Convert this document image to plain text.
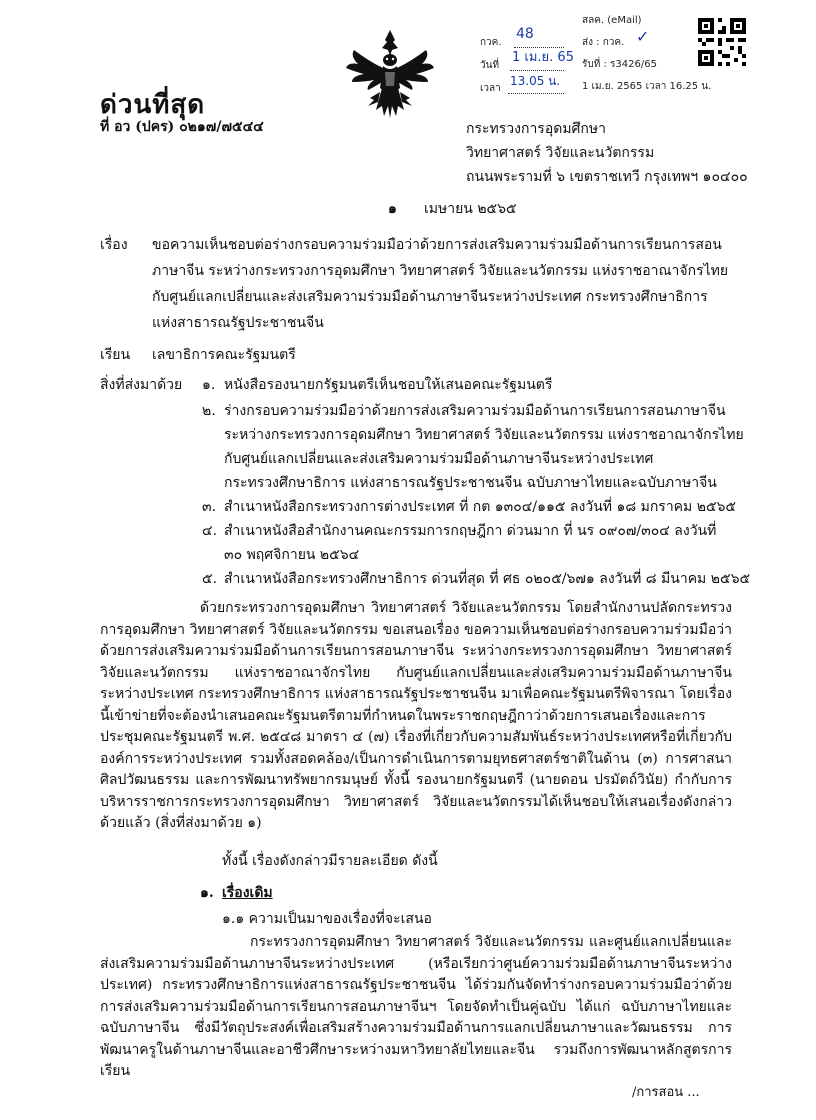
กวค.
48
วันที่
1 เม.ย. 65
เวลา
13.05 น.
สลค. (eMail)
ส่ง : กวค. ✓
รับที่ : ร3426/65
1 เม.ย. 2565 เวลา 16.25 น.
ด่วนที่สุด
ที่ อว (ปคร) ๐๒๑๗/๗๕๔๔	กระทรวงการอุดมศึกษา
วิทยาศาสตร์ วิจัยและนวัตกรรม
ถนนพระรามที่ ๖ เขตราชเทวี กรุงเทพฯ ๑๐๔๐๐
๑ เมษายน ๒๕๖๕
เรื่อง ขอความเห็นชอบต่อร่างกรอบความร่วมมือว่าด้วยการส่งเสริมความร่วมมือด้านการเรียนการสอน
ภาษาจีน ระหว่างกระทรวงการอุดมศึกษา วิทยาศาสตร์ วิจัยและนวัตกรรม แห่งราชอาณาจักรไทย
กับศูนย์แลกเปลี่ยนและส่งเสริมความร่วมมือด้านภาษาจีนระหว่างประเทศ กระทรวงศึกษาธิการ
แห่งสาธารณรัฐประชาชนจีน
เรียน เลขาธิการคณะรัฐมนตรี
สิ่งที่ส่งมาด้วย ๑. หนังสือรองนายกรัฐมนตรีเห็นชอบให้เสนอคณะรัฐมนตรี
๒. ร่างกรอบความร่วมมือว่าด้วยการส่งเสริมความร่วมมือด้านการเรียนการสอนภาษาจีน
ระหว่างกระทรวงการอุดมศึกษา วิทยาศาสตร์ วิจัยและนวัตกรรม แห่งราชอาณาจักรไทย
กับศูนย์แลกเปลี่ยนและส่งเสริมความร่วมมือด้านภาษาจีนระหว่างประเทศ
กระทรวงศึกษาธิการ แห่งสาธารณรัฐประชาชนจีน ฉบับภาษาไทยและฉบับภาษาจีน
๓. สำเนาหนังสือกระทรวงการต่างประเทศ ที่ กต ๑๓๐๔/๑๑๕ ลงวันที่ ๑๘ มกราคม ๒๕๖๕
๔. สำเนาหนังสือสำนักงานคณะกรรมการกฤษฎีกา ด่วนมาก ที่ นร ๐๙๐๗/๓๐๔ ลงวันที่
๓๐ พฤศจิกายน ๒๕๖๔
๕. สำเนาหนังสือกระทรวงศึกษาธิการ ด่วนที่สุด ที่ ศธ ๐๒๐๕/๖๗๑ ลงวันที่ ๘ มีนาคม ๒๕๖๕
ด้วยกระทรวงการอุดมศึกษา วิทยาศาสตร์ วิจัยและนวัตกรรม โดยสำนักงานปลัดกระทรวงการอุดมศึกษา วิทยาศาสตร์ วิจัยและนวัตกรรม ขอเสนอเรื่อง ขอความเห็นชอบต่อร่างกรอบความร่วมมือว่าด้วยการส่งเสริมความร่วมมือด้านการเรียนการสอนภาษาจีน ระหว่างกระทรวงการอุดมศึกษา วิทยาศาสตร์ วิจัยและนวัตกรรม แห่งราชอาณาจักรไทย กับศูนย์แลกเปลี่ยนและส่งเสริมความร่วมมือด้านภาษาจีนระหว่างประเทศ กระทรวงศึกษาธิการ แห่งสาธารณรัฐประชาชนจีน มาเพื่อคณะรัฐมนตรีพิจารณา โดยเรื่องนี้เข้าข่ายที่จะต้องนำเสนอคณะรัฐมนตรีตามที่กำหนดในพระราชกฤษฎีกาว่าด้วยการเสนอเรื่องและการประชุมคณะรัฐมนตรี พ.ศ. ๒๕๔๘ มาตรา ๔ (๗) เรื่องที่เกี่ยวกับความสัมพันธ์ระหว่างประเทศหรือที่เกี่ยวกับองค์การระหว่างประเทศ รวมทั้งสอดคล้อง/เป็นการดำเนินการตามยุทธศาสตร์ชาติในด้าน (๓) การศาสนา ศิลปวัฒนธรรม และการพัฒนาทรัพยากรมนุษย์ ทั้งนี้ รองนายกรัฐมนตรี (นายดอน ปรมัตถ์วินัย) กำกับการบริหารราชการกระทรวงการอุดมศึกษา วิทยาศาสตร์ วิจัยและนวัตกรรมได้เห็นชอบให้เสนอเรื่องดังกล่าวด้วยแล้ว (สิ่งที่ส่งมาด้วย ๑)
ทั้งนี้ เรื่องดังกล่าวมีรายละเอียด ดังนี้
๑. เรื่องเดิม
๑.๑ ความเป็นมาของเรื่องที่จะเสนอ
กระทรวงการอุดมศึกษา วิทยาศาสตร์ วิจัยและนวัตกรรม และศูนย์แลกเปลี่ยนและส่งเสริมความร่วมมือด้านภาษาจีนระหว่างประเทศ (หรือเรียกว่าศูนย์ความร่วมมือด้านภาษาจีนระหว่างประเทศ) กระทรวงศึกษาธิการแห่งสาธารณรัฐประชาชนจีน ได้ร่วมกันจัดทำร่างกรอบความร่วมมือว่าด้วยการส่งเสริมความร่วมมือด้านการเรียนการสอนภาษาจีนฯ โดยจัดทำเป็นคู่ฉบับ ได้แก่ ฉบับภาษาไทยและฉบับภาษาจีน ซึ่งมีวัตถุประสงค์เพื่อเสริมสร้างความร่วมมือด้านการแลกเปลี่ยนภาษาและวัฒนธรรม การพัฒนาครูในด้านภาษาจีนและอาชีวศึกษาระหว่างมหาวิทยาลัยไทยและจีน รวมถึงการพัฒนาหลักสูตรการเรียน
/การสอน ...
